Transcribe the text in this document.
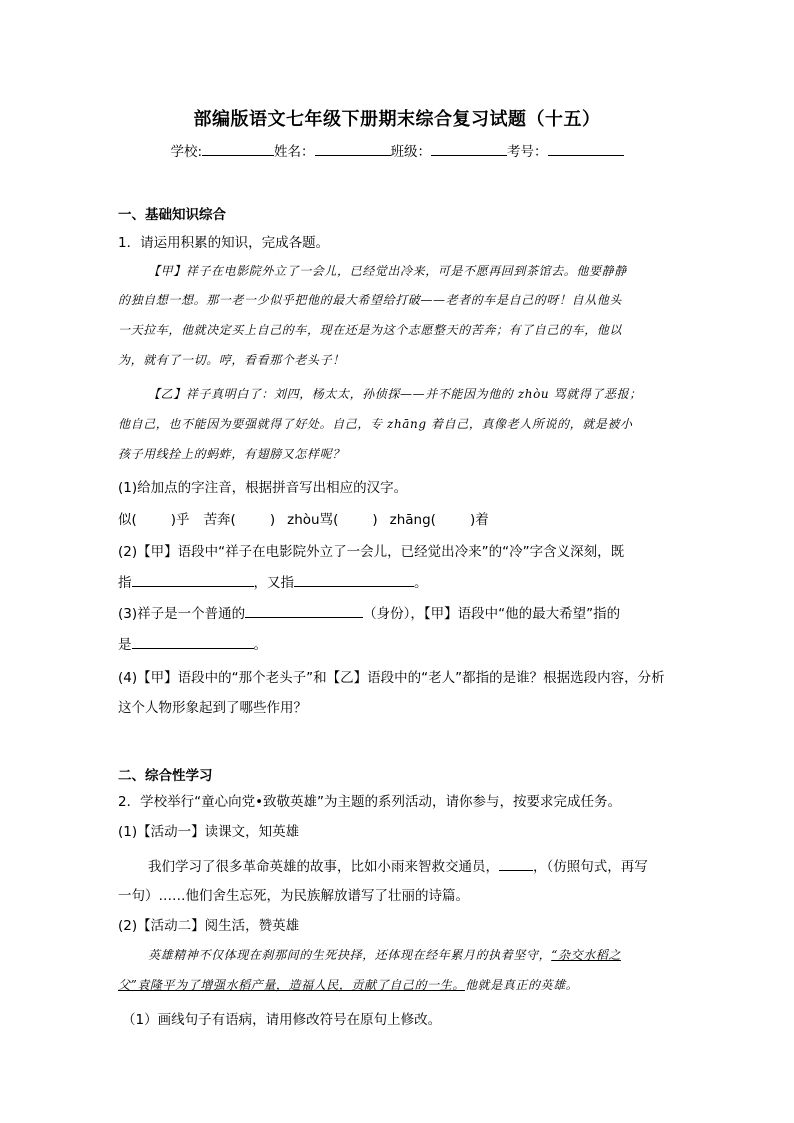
部编版语文七年级下册期末综合复习试题（十五）
学校:	姓名：	班级：	考号：
一、基础知识综合
1．请运用积累的知识，完成各题。
【甲】祥子在电影院外立了一会儿，已经觉出冷来，可是不愿再回到茶馆去。他要静静
的独自想一想。那一老一少似乎把他的最大希望给打破——老者的车是自己的呀！自从他头
一天拉车，他就决定买上自己的车，现在还是为这个志愿整天的苦奔；有了自己的车，他以
为，就有了一切。哼，看看那个老头子！
【乙】祥子真明白了：刘四，杨太太，孙侦探——并不能因为他的 zhòu 骂就得了恶报；
他自己，也不能因为要强就得了好处。自己，专 zhāng 着自己，真像老人所说的，就是被小
孩子用线拴上的蚂蚱，有翅膀又怎样呢？
(1)给加点的字注音，根据拼音写出相应的汉字。
似(	)乎 苦奔(	) zhòu骂(	) zhāng(	)着
(2)【甲】语段中“祥子在电影院外立了一会儿，已经觉出冷来”的“冷”字含义深刻，既
指	，又指	。
(3)祥子是一个普通的	（身份），【甲】语段中“他的最大希望”指的
是	。
(4)【甲】语段中的“那个老头子”和【乙】语段中的“老人”都指的是谁？根据选段内容，分析
这个人物形象起到了哪些作用？
二、综合性学习
2．学校举行“童心向党•致敬英雄”为主题的系列活动，请你参与，按要求完成任务。
(1)【活动一】读课文，知英雄
我们学习了很多革命英雄的故事，比如小雨来智救交通员，	，（仿照句式，再写
一句）……他们舍生忘死，为民族解放谱写了壮丽的诗篇。
(2)【活动二】阅生活，赞英雄
英雄精神不仅体现在刹那间的生死抉择，还体现在经年累月的执着坚守，“杂交水稻之
父”袁隆平为了增强水稻产量，造福人民，贡献了自己的一生。他就是真正的英雄。
（1）画线句子有语病，请用修改符号在原句上修改。
